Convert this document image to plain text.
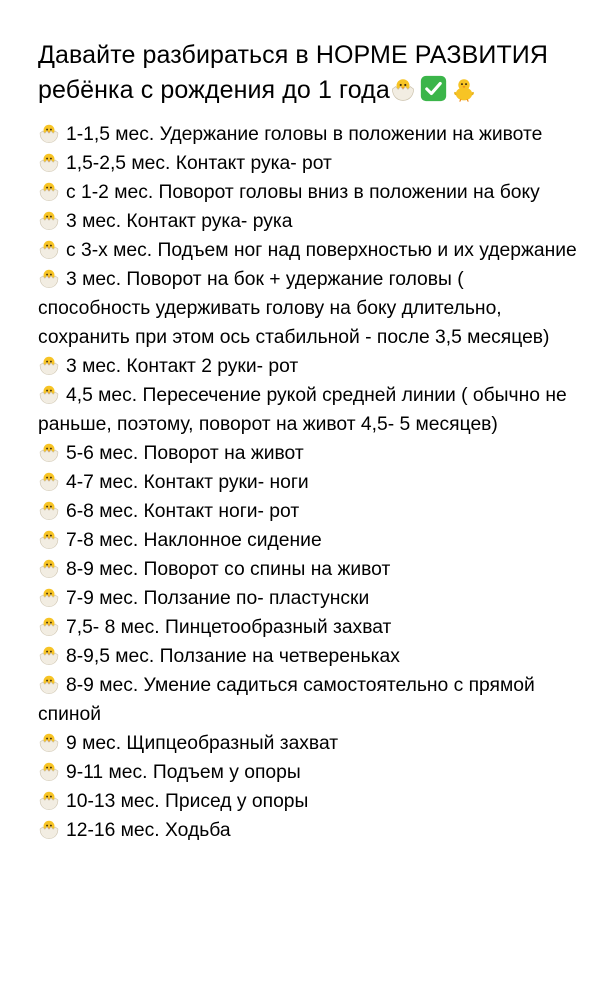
Давайте разбираться в НОРМЕ РАЗВИТИЯ
ребёнка с рождения до 1 года
1-1,5 мес. Удержание головы в положении на животе
1,5-2,5 мес. Контакт рука- рот
с 1-2 мес. Поворот головы вниз в положении на боку
3 мес. Контакт рука- рука
с 3-х мес. Подъем ног над поверхностью и их удержание
3 мес. Поворот на бок + удержание головы ( способность удерживать голову на боку длительно, сохранить при этом ось стабильной - после 3,5 месяцев)
3 мес. Контакт 2 руки- рот
4,5 мес. Пересечение рукой средней линии ( обычно не раньше, поэтому, поворот на живот 4,5- 5 месяцев)
5-6 мес. Поворот на живот
4-7 мес. Контакт руки- ноги
6-8 мес. Контакт ноги- рот
7-8 мес. Наклонное сидение
8-9 мес. Поворот со спины на живот
7-9 мес. Ползание по- пластунски
7,5- 8 мес. Пинцетообразный захват
8-9,5 мес. Ползание на четвереньках
8-9 мес. Умение садиться самостоятельно с прямой спиной
9 мес. Щипцеобразный захват
9-11 мес. Подъем у опоры
10-13 мес. Присед у опоры
12-16 мес. Ходьба
